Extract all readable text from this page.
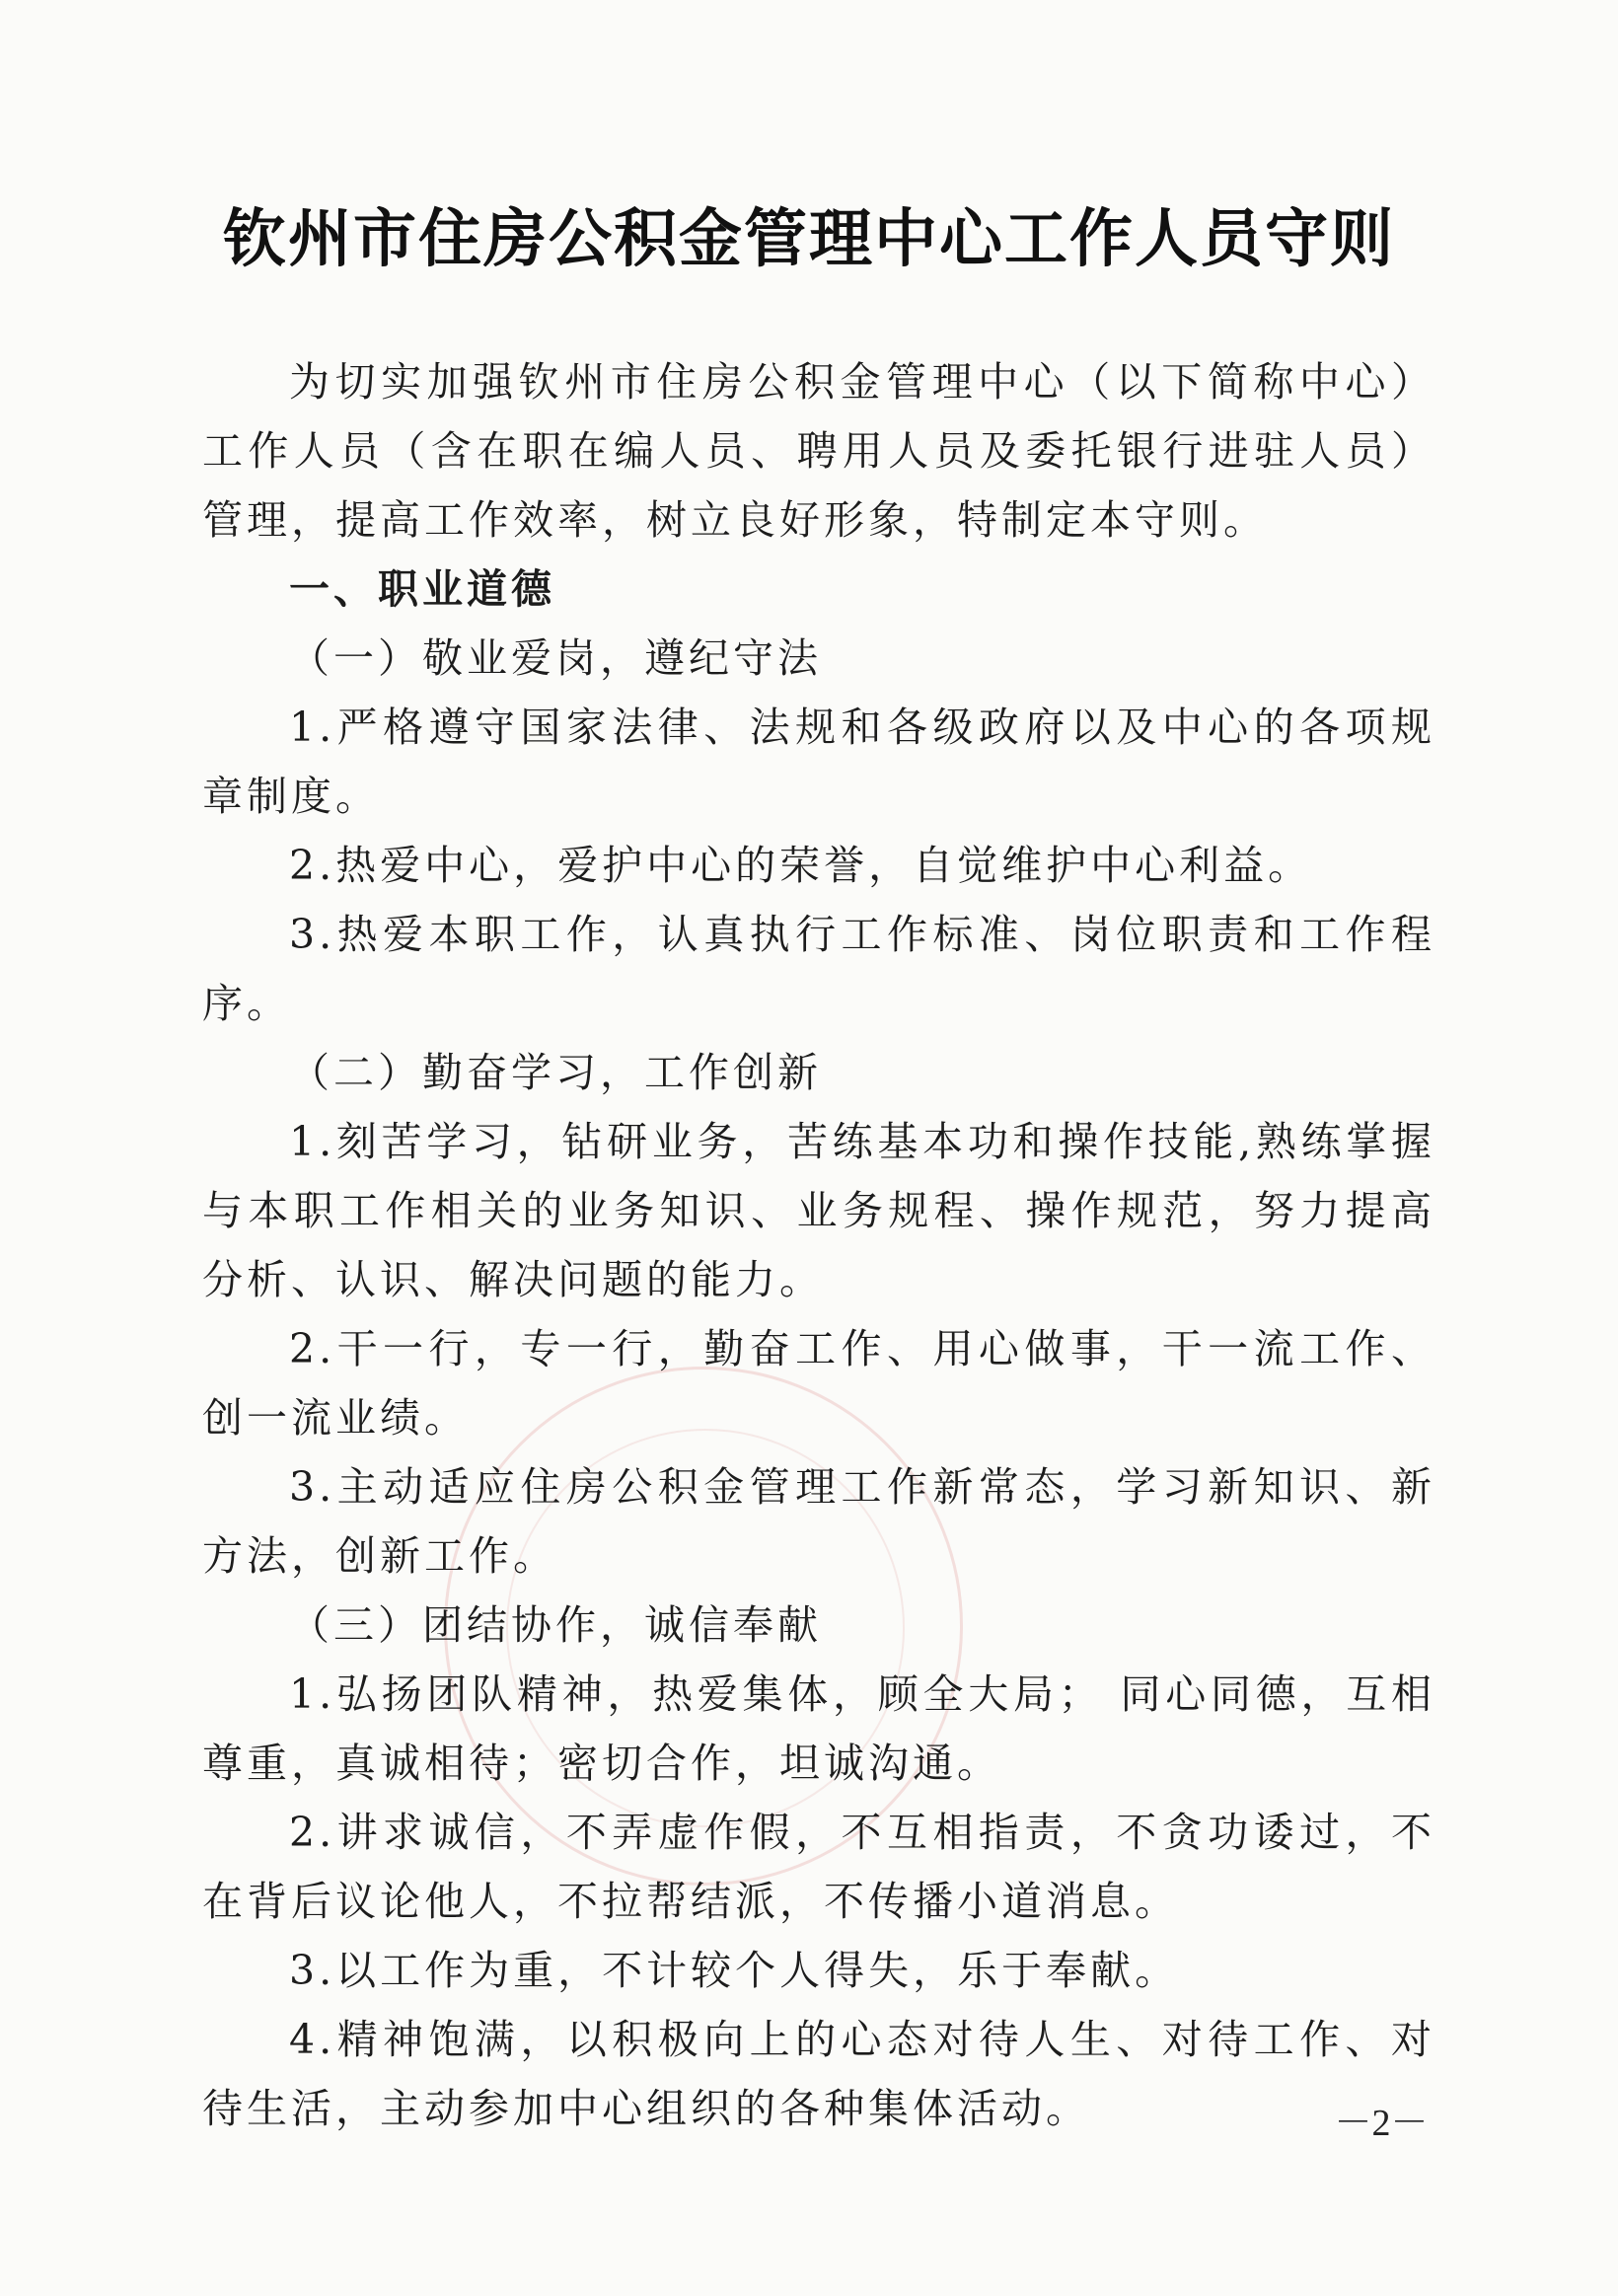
钦州市住房公积金管理中心工作人员守则

为切实加强钦州市住房公积金管理中心（以下简称中心）工作人员（含在职在编人员、聘用人员及委托银行进驻人员）管理，提高工作效率，树立良好形象，特制定本守则。

一、职业道德

（一）敬业爱岗，遵纪守法

1.严格遵守国家法律、法规和各级政府以及中心的各项规章制度。

2.热爱中心，爱护中心的荣誉，自觉维护中心利益。

3.热爱本职工作，认真执行工作标准、岗位职责和工作程序。

（二）勤奋学习，工作创新

1.刻苦学习，钻研业务，苦练基本功和操作技能,熟练掌握与本职工作相关的业务知识、业务规程、操作规范，努力提高分析、认识、解决问题的能力。

2.干一行，专一行，勤奋工作、用心做事，干一流工作、创一流业绩。

3.主动适应住房公积金管理工作新常态，学习新知识、新方法，创新工作。

（三）团结协作，诚信奉献

1.弘扬团队精神，热爱集体，顾全大局； 同心同德，互相尊重，真诚相待；密切合作，坦诚沟通。

2.讲求诚信，不弄虚作假，不互相指责，不贪功诿过，不在背后议论他人，不拉帮结派，不传播小道消息。

3.以工作为重，不计较个人得失，乐于奉献。

4.精神饱满，以积极向上的心态对待人生、对待工作、对待生活，主动参加中心组织的各种集体活动。	－2－
